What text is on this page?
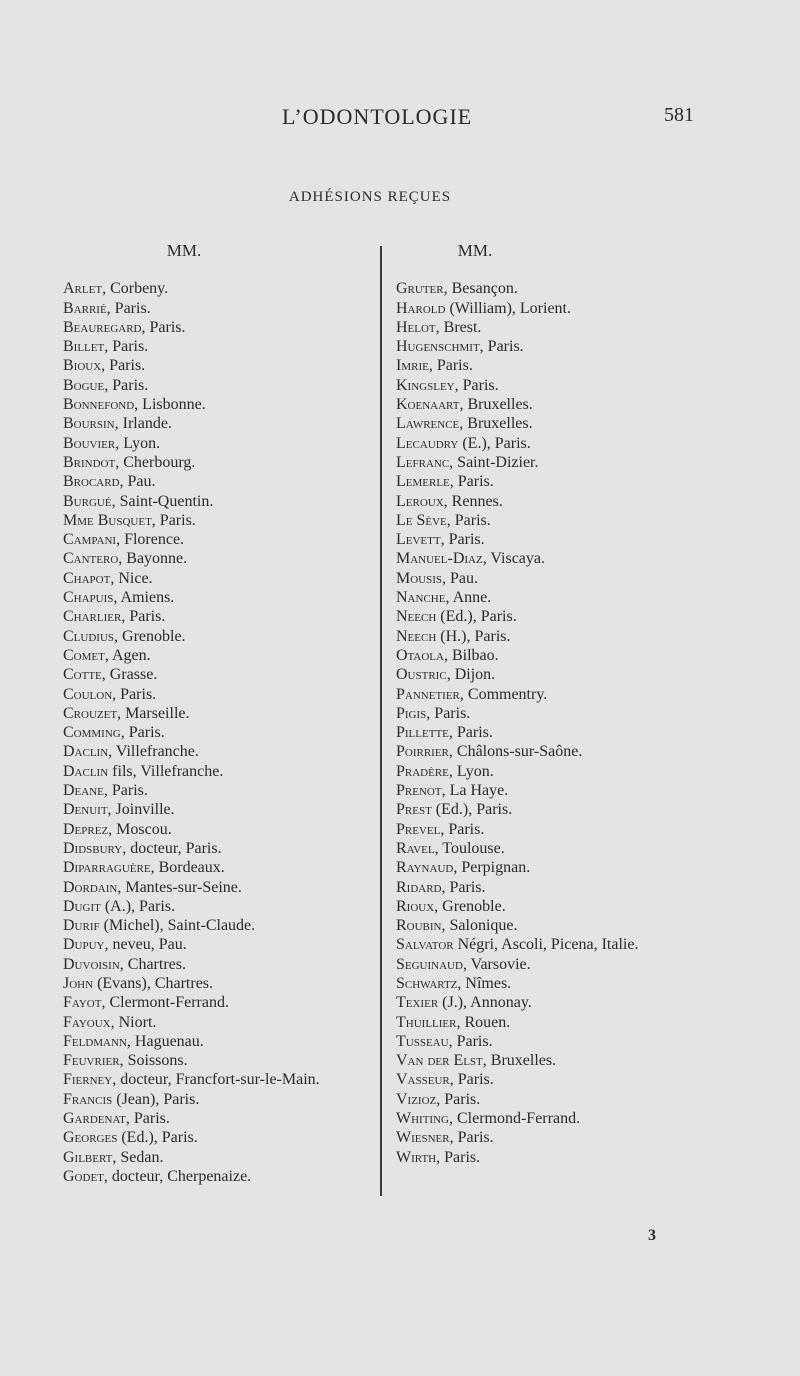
L’ODONTOLOGIE	581
ADHÉSIONS REÇUES
MM.
Arlet, Corbeny.
Barrié, Paris.
Beauregard, Paris.
Billet, Paris.
Bioux, Paris.
Bogue, Paris.
Bonnefond, Lisbonne.
Boursin, Irlande.
Bouvier, Lyon.
Brindot, Cherbourg.
Brocard, Pau.
Burgué, Saint-Quentin.
Mme Busquet, Paris.
Campani, Florence.
Cantero, Bayonne.
Chapot, Nice.
Chapuis, Amiens.
Charlier, Paris.
Cludius, Grenoble.
Comet, Agen.
Cotte, Grasse.
Coulon, Paris.
Crouzet, Marseille.
Comming, Paris.
Daclin, Villefranche.
Daclin fils, Villefranche.
Deane, Paris.
Denuit, Joinville.
Deprez, Moscou.
Didsbury, docteur, Paris.
Diparraguère, Bordeaux.
Dordain, Mantes-sur-Seine.
Dugit (A.), Paris.
Durif (Michel), Saint-Claude.
Dupuy, neveu, Pau.
Duvoisin, Chartres.
John (Evans), Chartres.
Fayot, Clermont-Ferrand.
Fayoux, Niort.
Feldmann, Haguenau.
Feuvrier, Soissons.
Fierney, docteur, Francfort-sur-le-Main.
Francis (Jean), Paris.
Gardenat, Paris.
Georges (Ed.), Paris.
Gilbert, Sedan.
Godet, docteur, Cherpenaize.
MM.
Gruter, Besançon.
Harold (William), Lorient.
Helot, Brest.
Hugenschmit, Paris.
Imrie, Paris.
Kingsley, Paris.
Koenaart, Bruxelles.
Lawrence, Bruxelles.
Lecaudry (E.), Paris.
Lefranc, Saint-Dizier.
Lemerle, Paris.
Leroux, Rennes.
Le Sève, Paris.
Levett, Paris.
Manuel-Diaz, Viscaya.
Mousis, Pau.
Nanche, Anne.
Neech (Ed.), Paris.
Neech (H.), Paris.
Otaola, Bilbao.
Oustric, Dijon.
Pannetier, Commentry.
Pigis, Paris.
Pillette, Paris.
Poirrier, Châlons-sur-Saône.
Pradère, Lyon.
Prenot, La Haye.
Prest (Ed.), Paris.
Prevel, Paris.
Ravel, Toulouse.
Raynaud, Perpignan.
Ridard, Paris.
Rioux, Grenoble.
Roubin, Salonique.
Salvator Négri, Ascoli, Picena, Italie.
Seguinaud, Varsovie.
Schwartz, Nîmes.
Texier (J.), Annonay.
Thuillier, Rouen.
Tusseau, Paris.
Van der Elst, Bruxelles.
Vasseur, Paris.
Vizioz, Paris.
Whiting, Clermond-Ferrand.
Wiesner, Paris.
Wirth, Paris.
3
